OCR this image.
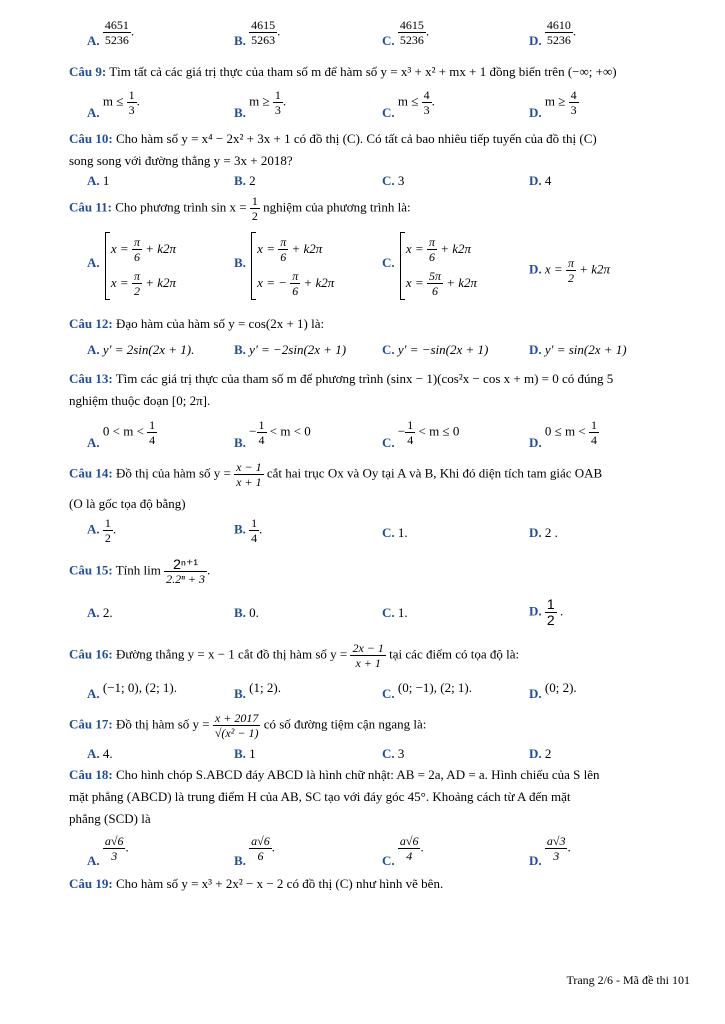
A. $\frac{4651}{5236}$ .
B. $\frac{4615}{5263}$ .
C. $\frac{4615}{5236}$ .
D. $\frac{4610}{5236}$ .
Câu 9: Tìm tất cả các giá trị thực của tham số m để hàm số y = x³ + x² + mx + 1 đồng biến trên (−∞; +∞)
A. $m \le \frac{1}{3}$ .
B. $m \ge \frac{1}{3}$ .
C. $m \le \frac{4}{3}$ .
D. $m \ge \frac{4}{3}$
Câu 10: Cho hàm số y = x⁴ − 2x² + 3x + 1 có đồ thị (C). Có tất cả bao nhiêu tiếp tuyến của đồ thị (C)
song song với đường thẳng y = 3x + 2018?
A. 1	B. 2	C. 3	D. 4
Câu 11: Cho phương trình $\sin x = \frac{1}{2}$ nghiệm của phương trình là:
A.
x =
$\frac{\pi}{6}$
+ k2π
x =
$\frac{\pi}{2}$
+ k2π
B.
x =
$\frac{\pi}{6}$
+ k2π
x = −
$\frac{\pi}{6}$
+ k2π
C.
x =
$\frac{\pi}{6}$
+ k2π
x =
$\frac{5\pi}{6}$
+ k2π
D. $x = \frac{\pi}{2} + k2\pi$
Câu 12: Đạo hàm của hàm số y = cos(2x + 1) là:
A. y' = 2sin(2x + 1).	B. y' = −2sin(2x + 1)	C. y' = −sin(2x + 1)	D. y' = sin(2x + 1)
Câu 13: Tìm các giá trị thực của tham số m để phương trình (sinx − 1)(cos²x − cos x + m) = 0 có đúng 5
nghiệm thuộc đoạn [0; 2π].
A. $0 < m < \frac{1}{4}$	B. − $\frac{1}{4} < m < 0$
C. − $\frac{1}{4} < m \le 0$
D. $0 \le m < \frac{1}{4}$
Câu 14: Đồ thị của hàm số $y = \frac{x - 1}{x + 1}$ cắt hai trục Ox và Oy tại A và B, Khi đó diện tích tam giác OAB
(O là gốc tọa độ bằng)
A. $\frac{1}{2}$ .	B. $\frac{1}{4}$ .	C. 1.	D. 2 .
Câu 15: Tính $\lim \frac{\text{2ⁿ⁺¹}}{\text{2.2ⁿ + 3}}$ .
A. 2.	B. 0.	C. 1.	D. $\frac{1}{2}$ .
Câu 16: Đường thẳng y = x − 1 cắt đồ thị hàm số $y = \frac{2x - 1}{x + 1}$ tại các điểm có tọa độ là:
A. (−1; 0), (2; 1).	B. (1; 2).	C. (0; −1), (2; 1).	D. (0; 2).
Câu 17: Đồ thị hàm số $y = \frac{x + 2017}{\text{√(x² − 1)}}$ có số đường tiệm cận ngang là:
A. 4.	B. 1	C. 3	D. 2
Câu 18: Cho hình chóp S.ABCD đáy ABCD là hình chữ nhật: AB = 2a, AD = a. Hình chiếu của S lên
mặt phẳng (ABCD) là trung điểm H của AB, SC tạo với đáy góc 45°. Khoảng cách từ A đến mặt
phẳng (SCD) là
A. $\frac{a√6}{3}$ .
B. $\frac{a√6}{6}$ .
C. $\frac{a√6}{4}$ .
D. $\frac{a√3}{3}$ .
Câu 19: Cho hàm số y = x³ + 2x² − x − 2 có đồ thị (C) như hình vẽ bên.
Trang 2/6 - Mã đề thi 101
